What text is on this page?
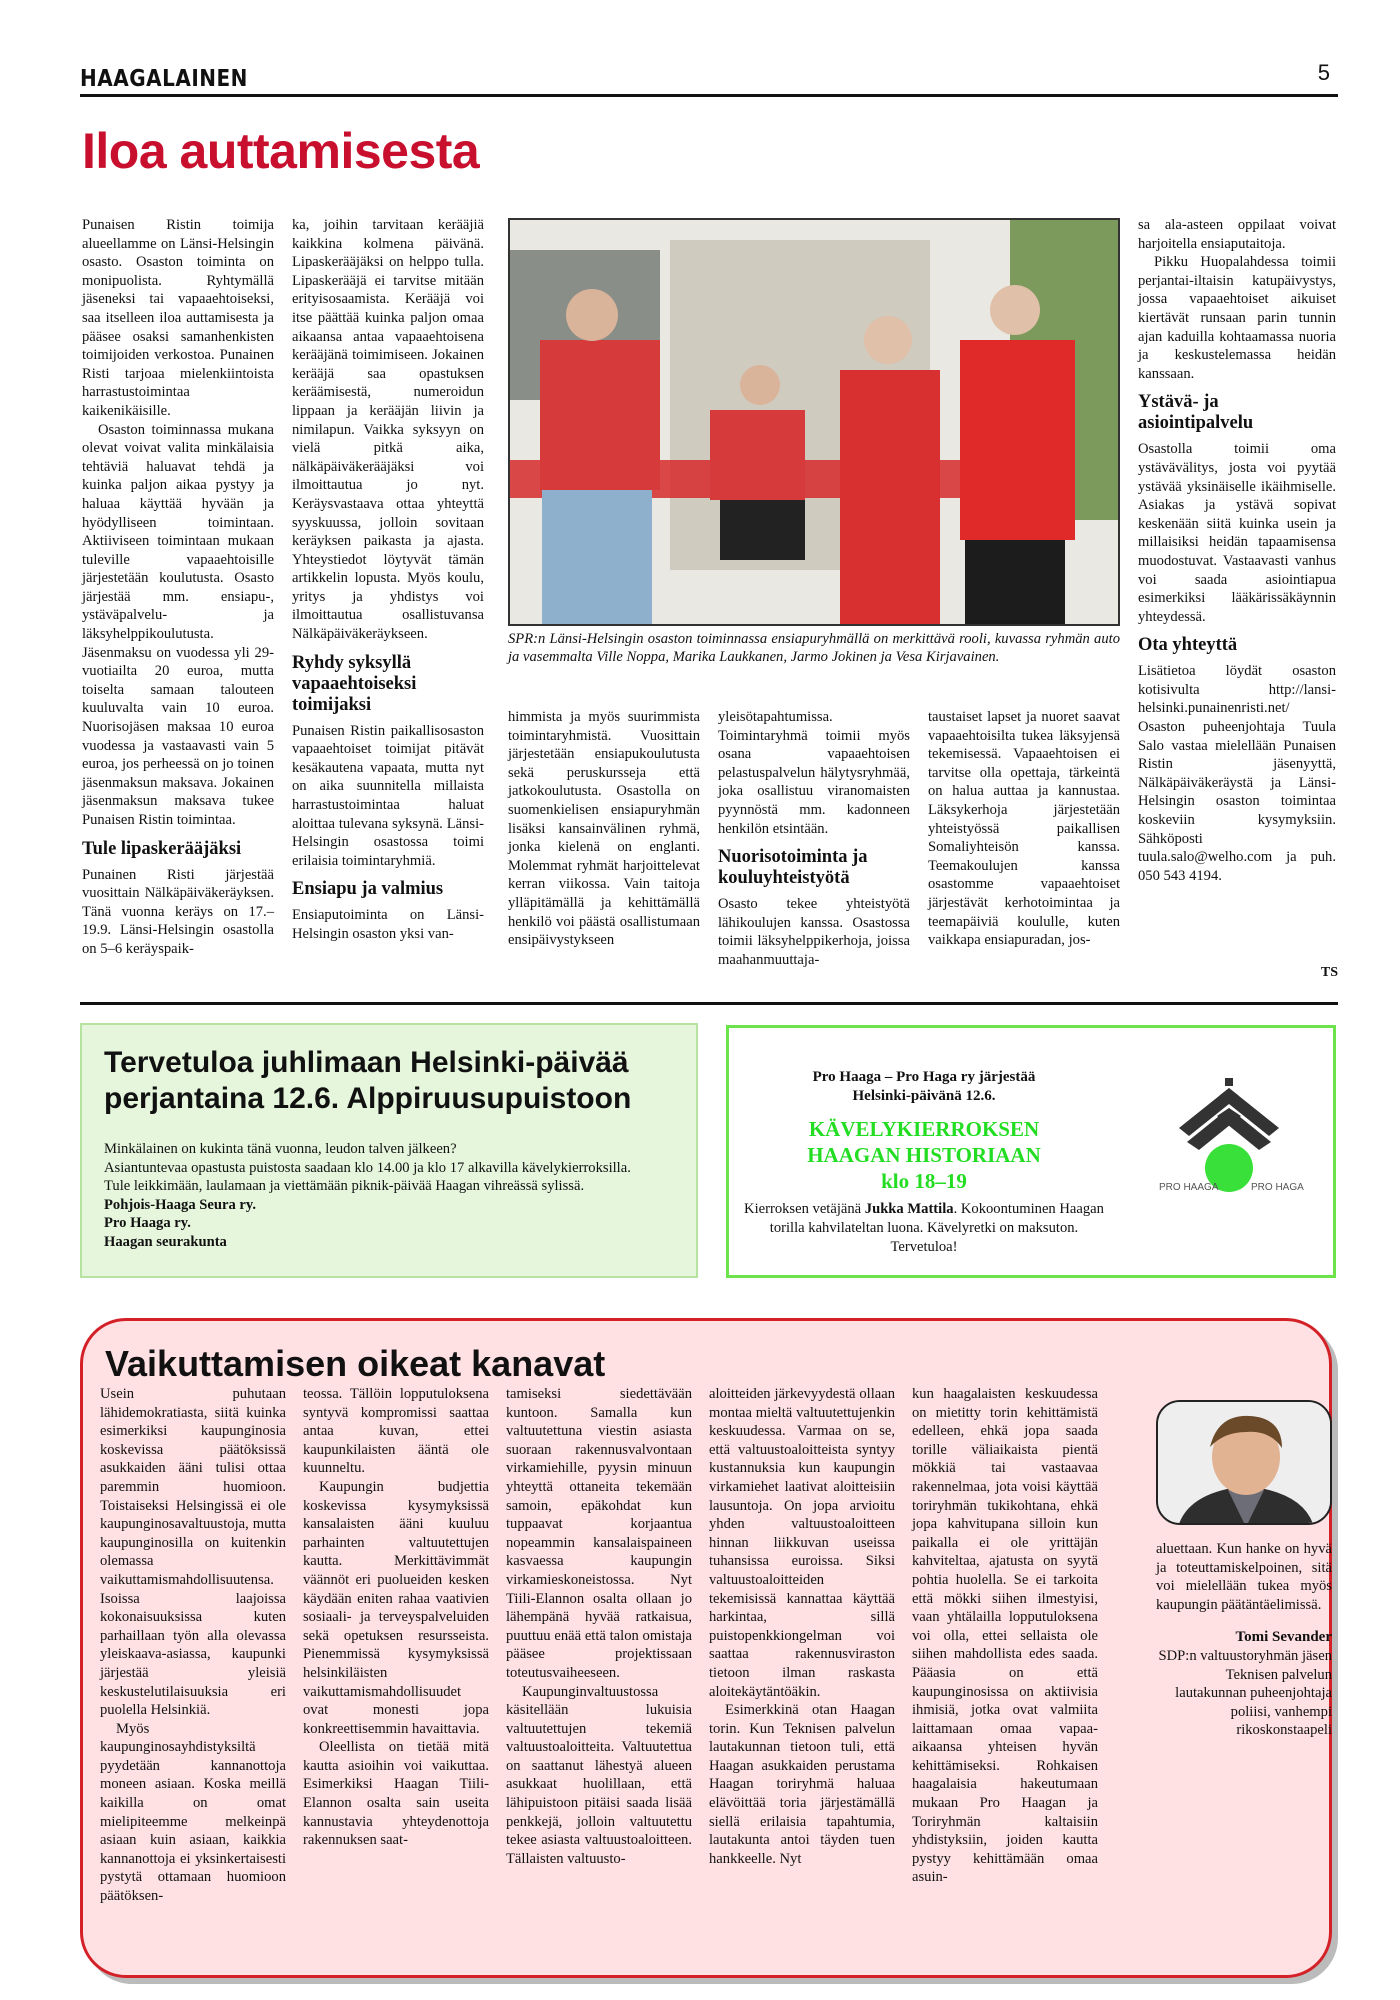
HAAGALAINEN	5
Iloa auttamisesta

Punaisen Ristin toimija alueellamme on Länsi-Helsingin osasto. Osaston toiminta on monipuolista. Ryhtymällä jäseneksi tai vapaaehtoiseksi, saa itselleen iloa auttamisesta ja pääsee osaksi samanhenkisten toimijoiden verkostoa. Punainen Risti tarjoaa mielenkiintoista harrastustoimintaa kaikenikäisille.

Osaston toiminnassa mukana olevat voivat valita minkälaisia tehtäviä haluavat tehdä ja kuinka paljon aikaa pystyy ja haluaa käyttää hyvään ja hyödylliseen toimintaan. Aktiiviseen toimintaan mukaan tuleville vapaaehtoisille järjestetään koulutusta. Osasto järjestää mm. ensiapu-, ystäväpalvelu- ja läksyhelppikoulutusta. Jäsenmaksu on vuodessa yli 29-vuotiailta 20 euroa, mutta toiselta samaan talouteen kuuluvalta vain 10 euroa. Nuorisojäsen maksaa 10 euroa vuodessa ja vastaavasti vain 5 euroa, jos perheessä on jo toinen jäsenmaksun maksava. Jokainen jäsenmaksun maksava tukee Punaisen Ristin toimintaa.

Tule lipaskerääjäksi

Punainen Risti järjestää vuosittain Nälkäpäiväkeräyksen. Tänä vuonna keräys on 17.–19.9. Länsi-Helsingin osastolla on 5–6 keräyspaik-

ka, joihin tarvitaan kerääjiä kaikkina kolmena päivänä. Lipaskerääjäksi on helppo tulla. Lipaskerääjä ei tarvitse mitään erityisosaamista. Kerääjä voi itse päättää kuinka paljon omaa aikaansa antaa vapaaehtoisena kerääjänä toimimiseen. Jokainen kerääjä saa opastuksen keräämisestä, numeroidun lippaan ja kerääjän liivin ja nimilapun. Vaikka syksyyn on vielä pitkä aika, nälkäpäiväkerääjäksi voi ilmoittautua jo nyt. Keräysvastaava ottaa yhteyttä syyskuussa, jolloin sovitaan keräyksen paikasta ja ajasta. Yhteystiedot löytyvät tämän artikkelin lopusta. Myös koulu, yritys ja yhdistys voi ilmoittautua osallistuvansa Nälkäpäiväkeräykseen.

Ryhdy syksyllä vapaaehtoiseksi toimijaksi

Punaisen Ristin paikallisosaston vapaaehtoiset toimijat pitävät kesäkautena vapaata, mutta nyt on aika suunnitella millaista harrastustoimintaa haluat aloittaa tulevana syksynä. Länsi-Helsingin osastossa toimi erilaisia toimintaryhmiä.

Ensiapu ja valmius

Ensiaputoiminta on Länsi-Helsingin osaston yksi van-

SPR:n Länsi-Helsingin osaston toiminnassa ensiapuryhmällä on merkittävä rooli, kuvassa ryhmän auto ja vasemmalta Ville Noppa, Marika Laukkanen, Jarmo Jokinen ja Vesa Kirjavainen.

himmista ja myös suurimmista toimintaryhmistä. Vuosittain järjestetään ensiapukoulutusta sekä peruskursseja että jatkokoulutusta. Osastolla on suomenkielisen ensiapuryhmän lisäksi kansainvälinen ryhmä, jonka kielenä on englanti. Molemmat ryhmät harjoittelevat kerran viikossa. Vain taitoja ylläpitämällä ja kehittämällä henkilö voi päästä osallistumaan ensipäivystykseen

yleisötapahtumissa. Toimintaryhmä toimii myös osana vapaaehtoisen pelastuspalvelun hälytysryhmää, joka osallistuu viranomaisten pyynnöstä mm. kadonneen henkilön etsintään.

Nuorisotoiminta ja kouluyhteistyötä

Osasto tekee yhteistyötä lähikoulujen kanssa. Osastossa toimii läksyhelppikerhoja, joissa maahanmuuttaja-

taustaiset lapset ja nuoret saavat vapaaehtoisilta tukea läksyjensä tekemisessä. Vapaaehtoisen ei tarvitse olla opettaja, tärkeintä on halua auttaa ja kannustaa. Läksykerhoja järjestetään yhteistyössä paikallisen Somaliyhteisön kanssa. Teemakoulujen kanssa osastomme vapaaehtoiset järjestävät kerhotoimintaa ja teemapäiviä koululle, kuten vaikkapa ensiapuradan, jos-

sa ala-asteen oppilaat voivat harjoitella ensiaputaitoja.

Pikku Huopalahdessa toimii perjantai-iltaisin katupäivystys, jossa vapaaehtoiset aikuiset kiertävät runsaan parin tunnin ajan kaduilla kohtaamassa nuoria ja keskustelemassa heidän kanssaan.

Ystävä- ja asiointipalvelu

Osastolla toimii oma ystävävälitys, josta voi pyytää ystävää yksinäiselle ikäihmiselle. Asiakas ja ystävä sopivat keskenään siitä kuinka usein ja millaisiksi heidän tapaamisensa muodostuvat. Vastaavasti vanhus voi saada asiointiapua esimerkiksi lääkärissäkäynnin yhteydessä.

Ota yhteyttä

Lisätietoa löydät osaston kotisivulta http://lansi-helsinki.punainenristi.net/ Osaston puheenjohtaja Tuula Salo vastaa mielellään Punaisen Ristin jäsenyyttä, Nälkäpäiväkeräystä ja Länsi-Helsingin osaston toimintaa koskeviin kysymyksiin. Sähköposti tuula.salo@welho.com ja puh. 050 543 4194.

TS
Tervetuloa juhlimaan Helsinki-päivää
perjantaina 12.6. Alppiruusupuistoon
Minkälainen on kukinta tänä vuonna, leudon talven jälkeen?
Asiantuntevaa opastusta puistosta saadaan klo 14.00 ja klo 17 alkavilla kävelykierroksilla.
Tule leikkimään, laulamaan ja viettämään piknik-päivää Haagan vihreässä sylissä.
Pohjois-Haaga Seura ry.
Pro Haaga ry.
Haagan seurakunta
Pro Haaga – Pro Haga ry järjestää
Helsinki-päivänä 12.6.
KÄVELYKIERROKSEN
HAAGAN HISTORIAAN
klo 18–19
Kierroksen vetäjänä Jukka Mattila. Kokoontuminen Haagan torilla kahvilateltan luona. Kävelyretki on maksuton. Tervetuloa!
PRO HAAGA	PRO HAGA
Vaikuttamisen oikeat kanavat

Usein puhutaan lähidemokratiasta, siitä kuinka esimerkiksi kaupunginosia koskevissa päätöksissä asukkaiden ääni tulisi ottaa paremmin huomioon. Toistaiseksi Helsingissä ei ole kaupunginosavaltuustoja, mutta kaupunginosilla on kuitenkin olemassa vaikuttamismahdollisuutensa. Isoissa laajoissa kokonaisuuksissa kuten parhaillaan työn alla olevassa yleiskaava-asiassa, kaupunki järjestää yleisiä keskustelutilaisuuksia eri puolella Helsinkiä.

Myös kaupunginosayhdistyksiltä pyydetään kannanottoja moneen asiaan. Koska meillä kaikilla on omat mielipiteemme melkeinpä asiaan kuin asiaan, kaikkia kannanottoja ei yksinkertaisesti pystytä ottamaan huomioon päätöksen-

teossa. Tällöin lopputuloksena syntyvä kompromissi saattaa antaa kuvan, ettei kaupunkilaisten ääntä ole kuunneltu.

Kaupungin budjettia koskevissa kysymyksissä kansalaisten ääni kuuluu parhainten valtuutettujen kautta. Merkittävimmät väännöt eri puolueiden kesken käydään eniten rahaa vaativien sosiaali- ja terveyspalveluiden sekä opetuksen resursseista. Pienemmissä kysymyksissä helsinkiläisten vaikuttamismahdollisuudet ovat monesti jopa konkreettisemmin havaittavia.

Oleellista on tietää mitä kautta asioihin voi vaikuttaa. Esimerkiksi Haagan Tiili-Elannon osalta sain useita kannustavia yhteydenottoja rakennuksen saat-

tamiseksi siedettävään kuntoon. Samalla kun valtuutettuna viestin asiasta suoraan rakennusvalvontaan virkamiehille, pyysin minuun yhteyttä ottaneita tekemään samoin, epäkohdat kun tuppaavat korjaantua nopeammin kansalaispaineen kasvaessa kaupungin virkamieskoneistossa. Nyt Tiili-Elannon osalta ollaan jo lähempänä hyvää ratkaisua, puuttuu enää että talon omistaja pääsee projektissaan toteutusvaiheeseen.

Kaupunginvaltuustossa käsitellään lukuisia valtuutettujen tekemiä valtuustoaloitteita. Valtuutettua on saattanut lähestyä alueen asukkaat huolillaan, että lähipuistoon pitäisi saada lisää penkkejä, jolloin valtuutettu tekee asiasta valtuustoaloitteen. Tällaisten valtuusto-

aloitteiden järkevyydestä ollaan montaa mieltä valtuutettujenkin keskuudessa. Varmaa on se, että valtuustoaloitteista syntyy kustannuksia kun kaupungin virkamiehet laativat aloitteisiin lausuntoja. On jopa arvioitu yhden valtuustoaloitteen hinnan liikkuvan useissa tuhansissa euroissa. Siksi valtuustoaloitteiden tekemisissä kannattaa käyttää harkintaa, sillä puistopenkkiongelman voi saattaa rakennusviraston tietoon ilman raskasta aloitekäytäntöäkin.

Esimerkkinä otan Haagan torin. Kun Teknisen palvelun lautakunnan tietoon tuli, että Haagan asukkaiden perustama Haagan toriryhmä haluaa elävöittää toria järjestämällä siellä erilaisia tapahtumia, lautakunta antoi täyden tuen hankkeelle. Nyt

kun haagalaisten keskuudessa on mietitty torin kehittämistä edelleen, ehkä jopa saada torille väliaikaista pientä mökkiä tai vastaavaa rakennelmaa, jota voisi käyttää toriryhmän tukikohtana, ehkä jopa kahvitupana silloin kun paikalla ei ole yrittäjän kahviteltaa, ajatusta on syytä pohtia huolella. Se ei tarkoita että mökki siihen ilmestyisi, vaan yhtälailla lopputuloksena voi olla, ettei sellaista ole siihen mahdollista edes saada. Pääasia on että kaupunginosissa on aktiivisia ihmisiä, jotka ovat valmiita laittamaan omaa vapaa-aikaansa yhteisen hyvän kehittämiseksi. Rohkaisen haagalaisia hakeutumaan mukaan Pro Haagan ja Toriryhmän kaltaisiin yhdistyksiin, joiden kautta pystyy kehittämään omaa asuin-

aluettaan. Kun hanke on hyvä ja toteuttamiskelpoinen, sitä voi mielellään tukea myös kaupungin päätäntäelimissä.

Tomi Sevander
SDP:n valtuustoryhmän jäsen
Teknisen palvelun lautakunnan puheenjohtaja
poliisi, vanhempi rikoskonstaapeli
